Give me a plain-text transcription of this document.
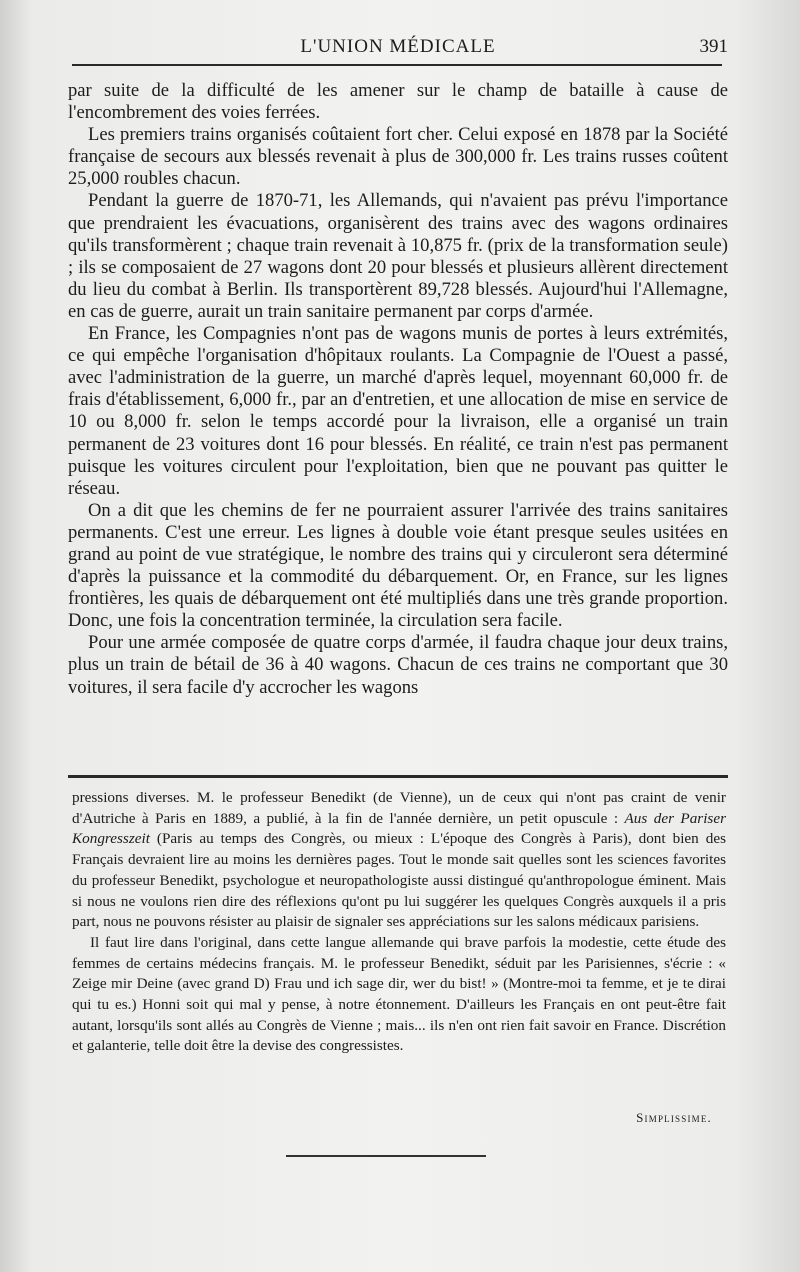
L'UNION MÉDICALE	391

par suite de la difficulté de les amener sur le champ de bataille à cause de l'encombrement des voies ferrées.

Les premiers trains organisés coûtaient fort cher. Celui exposé en 1878 par la Société française de secours aux blessés revenait à plus de 300,000 fr. Les trains russes coûtent 25,000 roubles chacun.

Pendant la guerre de 1870-71, les Allemands, qui n'avaient pas prévu l'importance que prendraient les évacuations, organisèrent des trains avec des wagons ordinaires qu'ils transformèrent ; chaque train revenait à 10,875 fr. (prix de la transformation seule) ; ils se composaient de 27 wagons dont 20 pour blessés et plusieurs allèrent directement du lieu du combat à Berlin. Ils transportèrent 89,728 blessés. Aujourd'hui l'Allemagne, en cas de guerre, aurait un train sanitaire permanent par corps d'armée.

En France, les Compagnies n'ont pas de wagons munis de portes à leurs extrémités, ce qui empêche l'organisation d'hôpitaux roulants. La Compagnie de l'Ouest a passé, avec l'administration de la guerre, un marché d'après lequel, moyennant 60,000 fr. de frais d'établissement, 6,000 fr., par an d'entretien, et une allocation de mise en service de 10 ou 8,000 fr. selon le temps accordé pour la livraison, elle a organisé un train permanent de 23 voitures dont 16 pour blessés. En réalité, ce train n'est pas permanent puisque les voitures circulent pour l'exploitation, bien que ne pouvant pas quitter le réseau.

On a dit que les chemins de fer ne pourraient assurer l'arrivée des trains sanitaires permanents. C'est une erreur. Les lignes à double voie étant presque seules usitées en grand au point de vue stratégique, le nombre des trains qui y circuleront sera déterminé d'après la puissance et la commodité du débarquement. Or, en France, sur les lignes frontières, les quais de débarquement ont été multipliés dans une très grande proportion. Donc, une fois la concentration terminée, la circulation sera facile.

Pour une armée composée de quatre corps d'armée, il faudra chaque jour deux trains, plus un train de bétail de 36 à 40 wagons. Chacun de ces trains ne comportant que 30 voitures, il sera facile d'y accrocher les wagons

pressions diverses. M. le professeur Benedikt (de Vienne), un de ceux qui n'ont pas craint de venir d'Autriche à Paris en 1889, a publié, à la fin de l'année dernière, un petit opuscule : Aus der Pariser Kongresszeit (Paris au temps des Congrès, ou mieux : L'époque des Congrès à Paris), dont bien des Français devraient lire au moins les dernières pages. Tout le monde sait quelles sont les sciences favorites du professeur Benedikt, psychologue et neuropathologiste aussi distingué qu'anthropologue éminent. Mais si nous ne voulons rien dire des réflexions qu'ont pu lui suggérer les quelques Congrès auxquels il a pris part, nous ne pouvons résister au plaisir de signaler ses appréciations sur les salons médicaux parisiens.

Il faut lire dans l'original, dans cette langue allemande qui brave parfois la modestie, cette étude des femmes de certains médecins français. M. le professeur Benedikt, séduit par les Parisiennes, s'écrie : « Zeige mir Deine (avec grand D) Frau und ich sage dir, wer du bist! » (Montre-moi ta femme, et je te dirai qui tu es.) Honni soit qui mal y pense, à notre étonnement. D'ailleurs les Français en ont peut-être fait autant, lorsqu'ils sont allés au Congrès de Vienne ; mais... ils n'en ont rien fait savoir en France. Discrétion et galanterie, telle doit être la devise des congressistes.

Simplissime.
